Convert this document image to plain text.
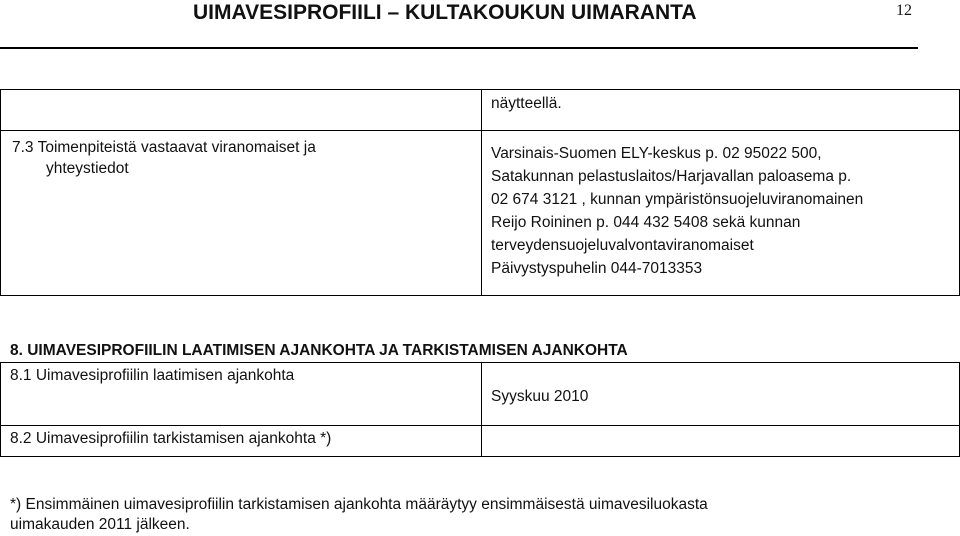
UIMAVESIPROFIILI – KULTAKOUKUN UIMARANTA	12
näytteellä.
7.3 Toimenpiteistä vastaavat viranomaiset ja
yhteystiedot
Varsinais-Suomen ELY-keskus p. 02 95022 500,
Satakunnan pelastuslaitos/Harjavallan paloasema p.
02 674 3121 , kunnan ympäristönsuojeluviranomainen
Reijo Roininen p. 044 432 5408 sekä kunnan
terveydensuojeluvalvontaviranomaiset
Päivystyspuhelin 044-7013353
8. UIMAVESIPROFIILIN LAATIMISEN AJANKOHTA JA TARKISTAMISEN AJANKOHTA
8.1 Uimavesiprofiilin laatimisen ajankohta
Syyskuu 2010
8.2 Uimavesiprofiilin tarkistamisen ajankohta *)
*) Ensimmäinen uimavesiprofiilin tarkistamisen ajankohta määräytyy ensimmäisestä uimavesiluokasta
uimakauden 2011 jälkeen.
